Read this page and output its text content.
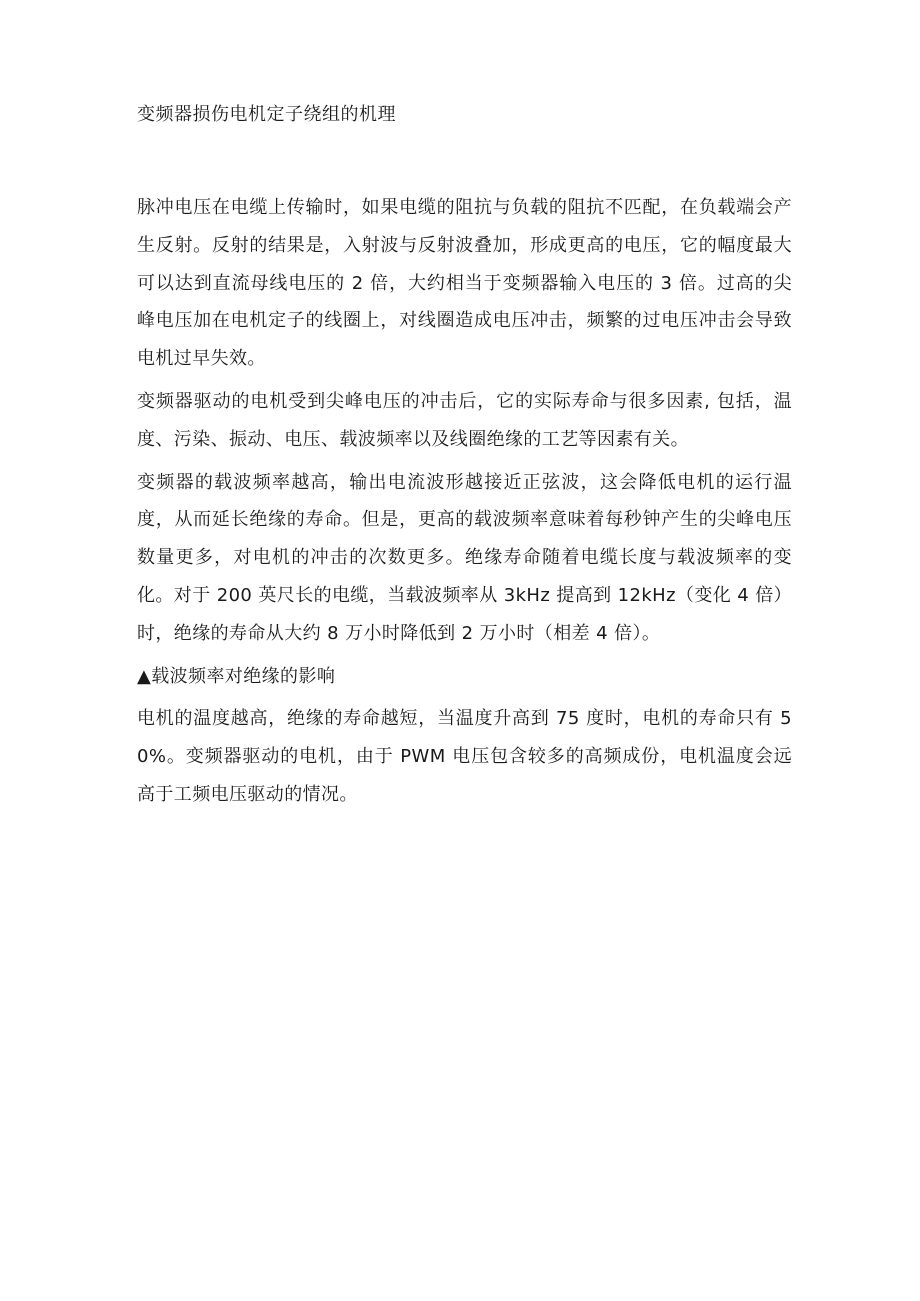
变频器损伤电机定子绕组的机理

脉冲电压在电缆上传输时，如果电缆的阻抗与负载的阻抗不匹配，在负载端会产生反射。反射的结果是，入射波与反射波叠加，形成更高的电压，它的幅度最大可以达到直流母线电压的 2 倍，大约相当于变频器输入电压的 3 倍。过高的尖峰电压加在电机定子的线圈上，对线圈造成电压冲击，频繁的过电压冲击会导致电机过早失效。

变频器驱动的电机受到尖峰电压的冲击后，它的实际寿命与很多因素, 包括，温度、污染、振动、电压、载波频率以及线圈绝缘的工艺等因素有关。

变频器的载波频率越高，输出电流波形越接近正弦波，这会降低电机的运行温度，从而延长绝缘的寿命。但是，更高的载波频率意味着每秒钟产生的尖峰电压数量更多，对电机的冲击的次数更多。绝缘寿命随着电缆长度与载波频率的变化。对于 200 英尺长的电缆，当载波频率从 3kHz 提高到 12kHz（变化 4 倍）时，绝缘的寿命从大约 8 万小时降低到 2 万小时（相差 4 倍）。

▲载波频率对绝缘的影响

电机的温度越高，绝缘的寿命越短，当温度升高到 75 度时，电机的寿命只有 50%。变频器驱动的电机，由于 PWM 电压包含较多的高频成份，电机温度会远高于工频电压驱动的情况。
